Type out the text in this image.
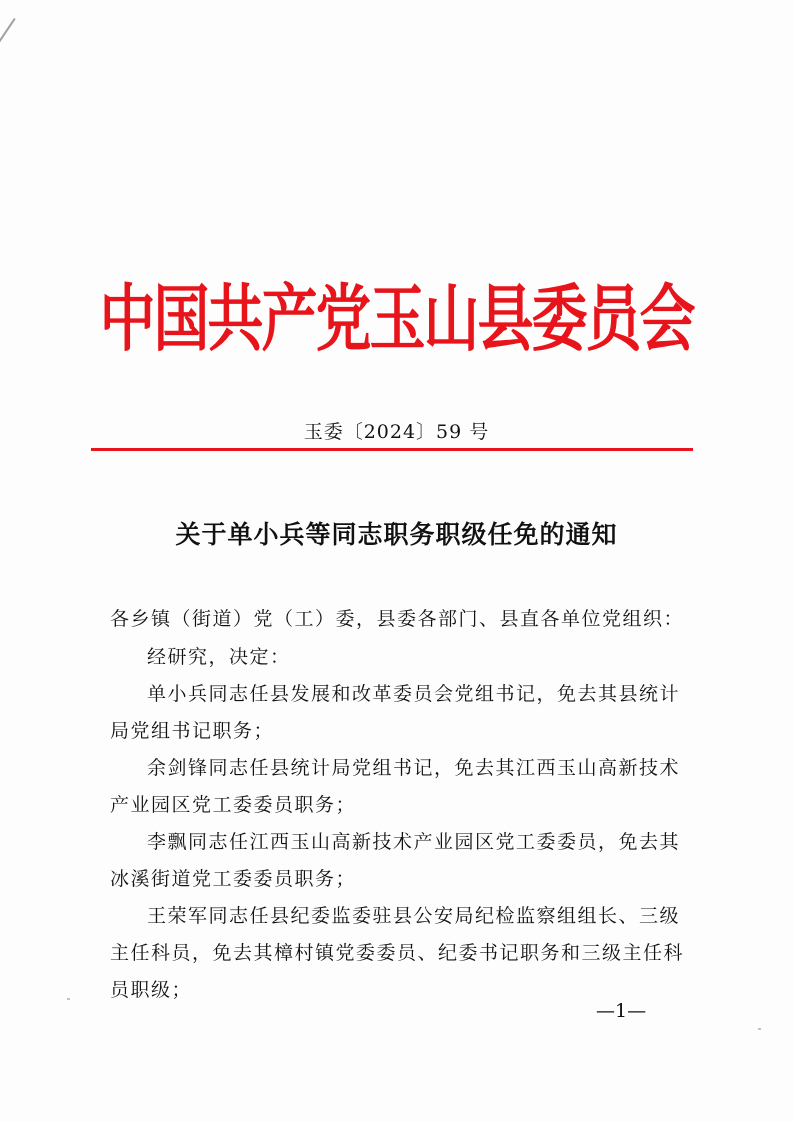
中国共产党玉山县委员会
玉委〔2024〕59 号
关于单小兵等同志职务职级任免的通知
各乡镇（街道）党（工）委，县委各部门、县直各单位党组织：
经研究，决定：
单小兵同志任县发展和改革委员会党组书记，免去其县统计
局党组书记职务；
余剑锋同志任县统计局党组书记，免去其江西玉山高新技术
产业园区党工委委员职务；
李飘同志任江西玉山高新技术产业园区党工委委员，免去其
冰溪街道党工委委员职务；
王荣军同志任县纪委监委驻县公安局纪检监察组组长、三级
主任科员，免去其樟村镇党委委员、纪委书记职务和三级主任科
员职级；
—1—
